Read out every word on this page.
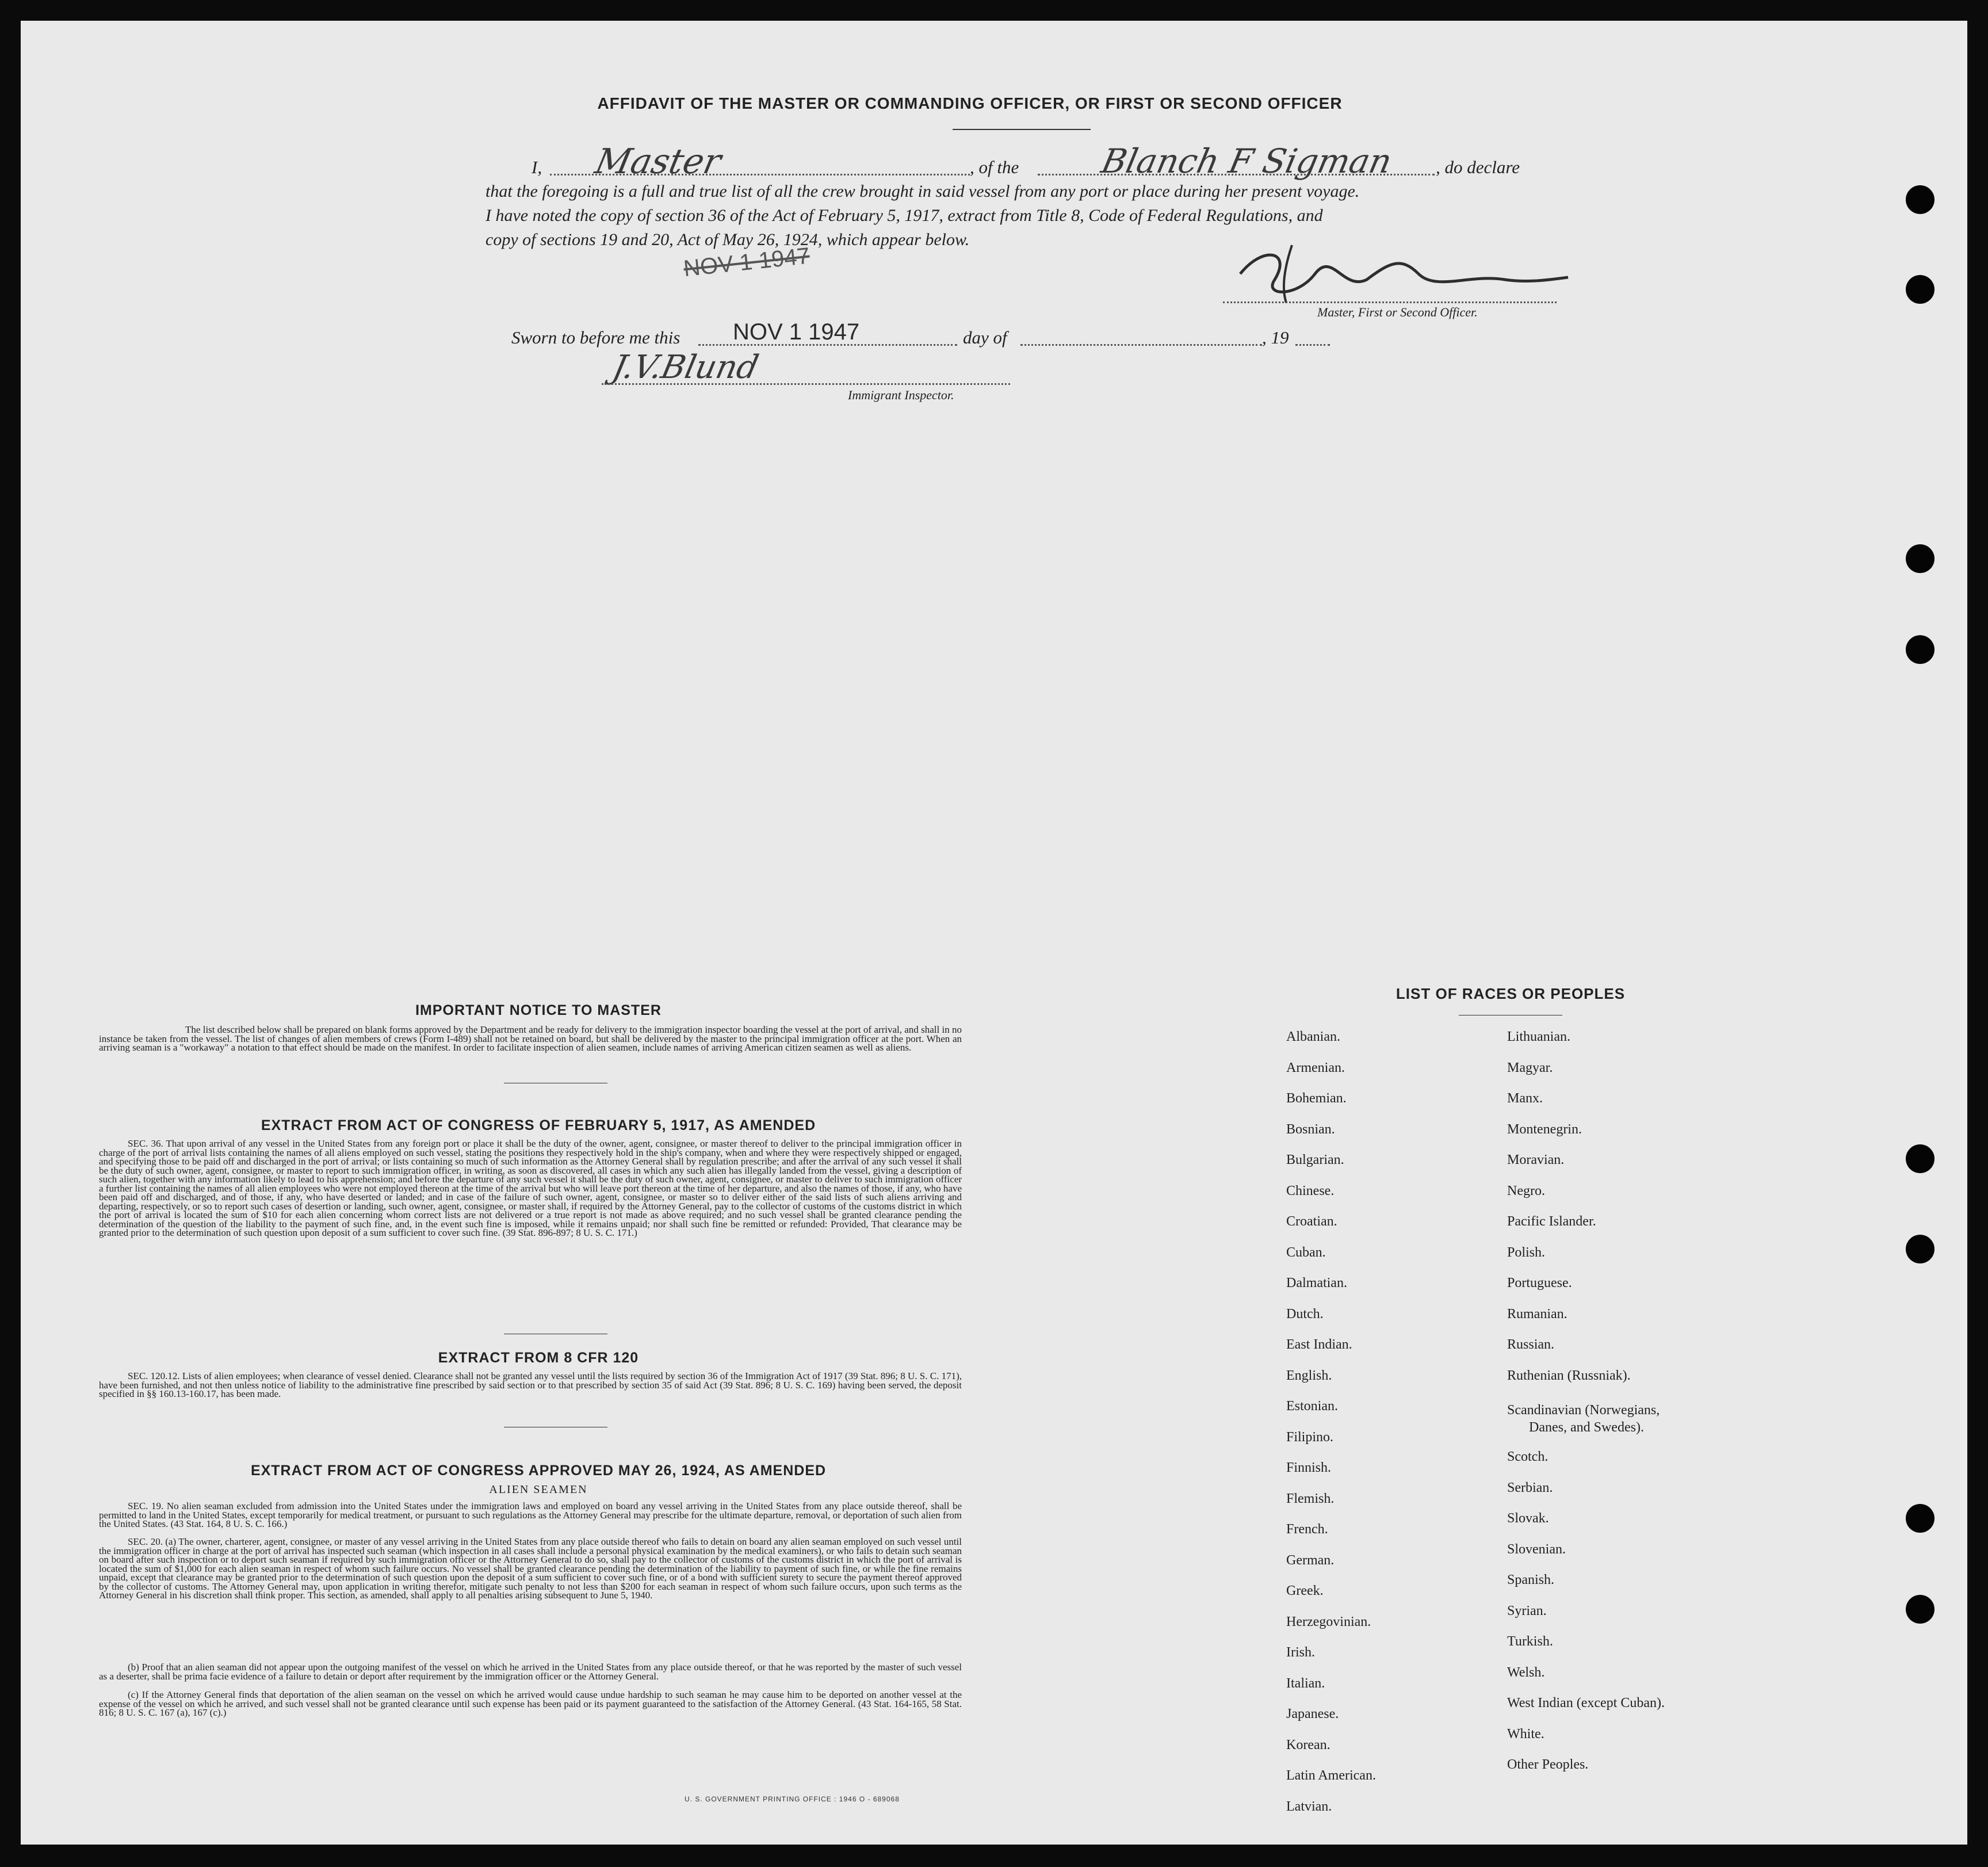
AFFIDAVIT OF THE MASTER OR COMMANDING OFFICER, OR FIRST OR SECOND OFFICER
I,	, of the	, do declare
Master	Blanch F Sigman
that the foregoing is a full and true list of all the crew brought in said vessel from any port or place during her present voyage.
I have noted the copy of section 36 of the Act of February 5, 1917, extract from Title 8, Code of Federal Regulations, and
copy of sections 19 and 20, Act of May 26, 1924, which appear below.
NOV 1 1947
Master, First or Second Officer.
Sworn to before me this NOV 1 1947	day of	, 19
J.V.Blund
Immigrant Inspector.
IMPORTANT NOTICE TO MASTER
The list described below shall be prepared on blank forms approved by the Department and be ready for delivery to the immigration inspector boarding the vessel at the port of arrival, and shall in no instance be taken from the vessel. The list of changes of alien members of crews (Form I-489) shall not be retained on board, but shall be delivered by the master to the principal immigration officer at the port. When an arriving seaman is a "workaway" a notation to that effect should be made on the manifest. In order to facilitate inspection of alien seamen, include names of arriving American citizen seamen as well as aliens.
EXTRACT FROM ACT OF CONGRESS OF FEBRUARY 5, 1917, AS AMENDED
SEC. 36. That upon arrival of any vessel in the United States from any foreign port or place it shall be the duty of the owner, agent, consignee, or master thereof to deliver to the principal immigration officer in charge of the port of arrival lists containing the names of all aliens employed on such vessel, stating the positions they respectively hold in the ship's company, when and where they were respectively shipped or engaged, and specifying those to be paid off and discharged in the port of arrival; or lists containing so much of such information as the Attorney General shall by regulation prescribe; and after the arrival of any such vessel it shall be the duty of such owner, agent, consignee, or master to report to such immigration officer, in writing, as soon as discovered, all cases in which any such alien has illegally landed from the vessel, giving a description of such alien, together with any information likely to lead to his apprehension; and before the departure of any such vessel it shall be the duty of such owner, agent, consignee, or master to deliver to such immigration officer a further list containing the names of all alien employees who were not employed thereon at the time of the arrival but who will leave port thereon at the time of her departure, and also the names of those, if any, who have been paid off and discharged, and of those, if any, who have deserted or landed; and in case of the failure of such owner, agent, consignee, or master so to deliver either of the said lists of such aliens arriving and departing, respectively, or so to report such cases of desertion or landing, such owner, agent, consignee, or master shall, if required by the Attorney General, pay to the collector of customs of the customs district in which the port of arrival is located the sum of $10 for each alien concerning whom correct lists are not delivered or a true report is not made as above required; and no such vessel shall be granted clearance pending the determination of the question of the liability to the payment of such fine, and, in the event such fine is imposed, while it remains unpaid; nor shall such fine be remitted or refunded: Provided, That clearance may be granted prior to the determination of such question upon deposit of a sum sufficient to cover such fine. (39 Stat. 896-897; 8 U. S. C. 171.)
EXTRACT FROM 8 CFR 120
SEC. 120.12. Lists of alien employees; when clearance of vessel denied. Clearance shall not be granted any vessel until the lists required by section 36 of the Immigration Act of 1917 (39 Stat. 896; 8 U. S. C. 171), have been furnished, and not then unless notice of liability to the administrative fine prescribed by said section or to that prescribed by section 35 of said Act (39 Stat. 896; 8 U. S. C. 169) having been served, the deposit specified in §§ 160.13-160.17, has been made.
EXTRACT FROM ACT OF CONGRESS APPROVED MAY 26, 1924, AS AMENDED
ALIEN SEAMEN
SEC. 19. No alien seaman excluded from admission into the United States under the immigration laws and employed on board any vessel arriving in the United States from any place outside thereof, shall be permitted to land in the United States, except temporarily for medical treatment, or pursuant to such regulations as the Attorney General may prescribe for the ultimate departure, removal, or deportation of such alien from the United States. (43 Stat. 164, 8 U. S. C. 166.)
SEC. 20. (a) The owner, charterer, agent, consignee, or master of any vessel arriving in the United States from any place outside thereof who fails to detain on board any alien seaman employed on such vessel until the immigration officer in charge at the port of arrival has inspected such seaman (which inspection in all cases shall include a personal physical examination by the medical examiners), or who fails to detain such seaman on board after such inspection or to deport such seaman if required by such immigration officer or the Attorney General to do so, shall pay to the collector of customs of the customs district in which the port of arrival is located the sum of $1,000 for each alien seaman in respect of whom such failure occurs. No vessel shall be granted clearance pending the determination of the liability to payment of such fine, or while the fine remains unpaid, except that clearance may be granted prior to the determination of such question upon the deposit of a sum sufficient to cover such fine, or of a bond with sufficient surety to secure the payment thereof approved by the collector of customs. The Attorney General may, upon application in writing therefor, mitigate such penalty to not less than $200 for each seaman in respect of whom such failure occurs, upon such terms as the Attorney General in his discretion shall think proper. This section, as amended, shall apply to all penalties arising subsequent to June 5, 1940.
(b) Proof that an alien seaman did not appear upon the outgoing manifest of the vessel on which he arrived in the United States from any place outside thereof, or that he was reported by the master of such vessel as a deserter, shall be prima facie evidence of a failure to detain or deport after requirement by the immigration officer or the Attorney General.
(c) If the Attorney General finds that deportation of the alien seaman on the vessel on which he arrived would cause undue hardship to such seaman he may cause him to be deported on another vessel at the expense of the vessel on which he arrived, and such vessel shall not be granted clearance until such expense has been paid or its payment guaranteed to the satisfaction of the Attorney General. (43 Stat. 164-165, 58 Stat. 816; 8 U. S. C. 167 (a), 167 (c).)
U. S. GOVERNMENT PRINTING OFFICE : 1946 O - 689068
LIST OF RACES OR PEOPLES
Albanian.
Armenian.
Bohemian.
Bosnian.
Bulgarian.
Chinese.
Croatian.
Cuban.
Dalmatian.
Dutch.
East Indian.
English.
Estonian.
Filipino.
Finnish.
Flemish.
French.
German.
Greek.
Herzegovinian.
Irish.
Italian.
Japanese.
Korean.
Latin American.
Latvian.
Lithuanian.
Magyar.
Manx.
Montenegrin.
Moravian.
Negro.
Pacific Islander.
Polish.
Portuguese.
Rumanian.
Russian.
Ruthenian (Russniak).
Scandinavian (Norwegians,
Danes, and Swedes).
Scotch.
Serbian.
Slovak.
Slovenian.
Spanish.
Syrian.
Turkish.
Welsh.
West Indian (except Cuban).
White.
Other Peoples.
